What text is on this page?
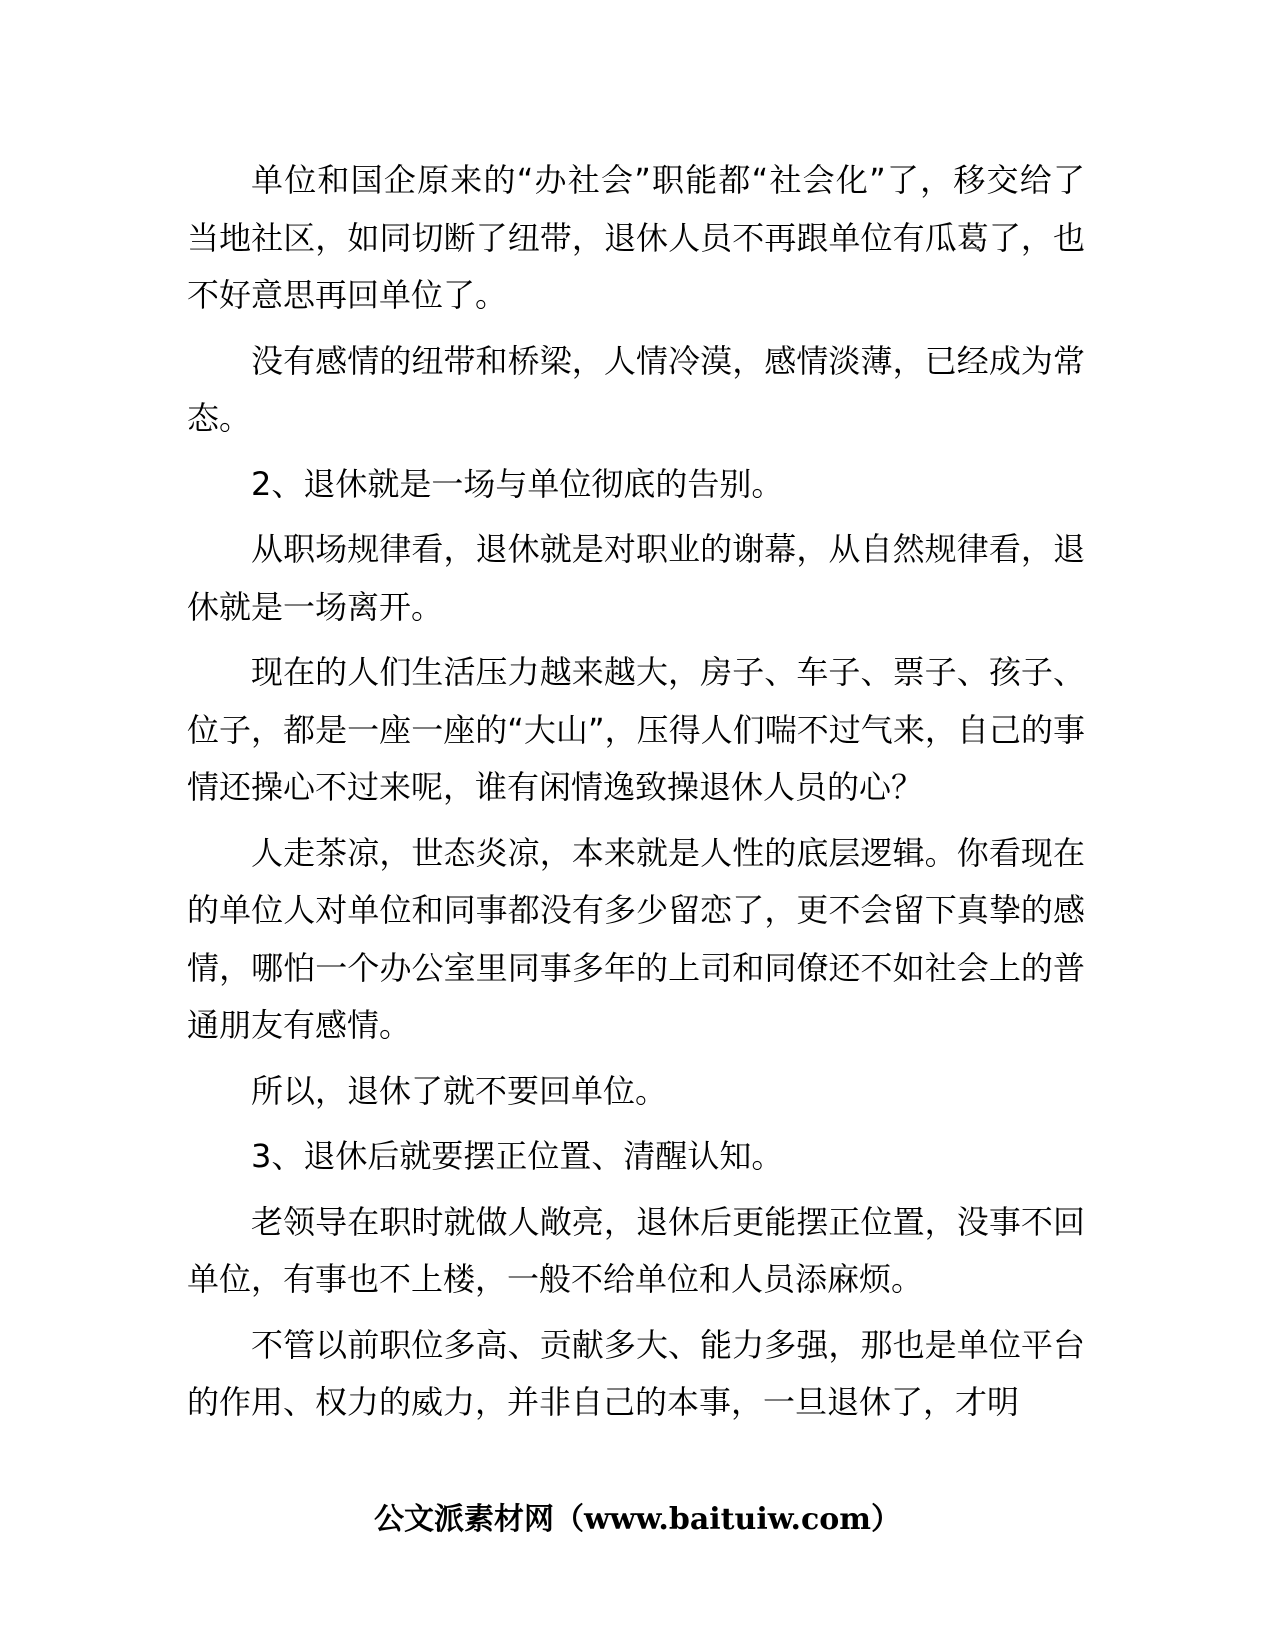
单位和国企原来的“办社会”职能都“社会化”了，移交给了当地社区，如同切断了纽带，退休人员不再跟单位有瓜葛了，也不好意思再回单位了。

没有感情的纽带和桥梁，人情冷漠，感情淡薄，已经成为常态。

2、退休就是一场与单位彻底的告别。

从职场规律看，退休就是对职业的谢幕，从自然规律看，退休就是一场离开。

现在的人们生活压力越来越大，房子、车子、票子、孩子、位子，都是一座一座的“大山”，压得人们喘不过气来，自己的事情还操心不过来呢，谁有闲情逸致操退休人员的心？

人走茶凉，世态炎凉，本来就是人性的底层逻辑。你看现在的单位人对单位和同事都没有多少留恋了，更不会留下真挚的感情，哪怕一个办公室里同事多年的上司和同僚还不如社会上的普通朋友有感情。

所以，退休了就不要回单位。

3、退休后就要摆正位置、清醒认知。

老领导在职时就做人敞亮，退休后更能摆正位置，没事不回单位，有事也不上楼，一般不给单位和人员添麻烦。

不管以前职位多高、贡献多大、能力多强，那也是单位平台的作用、权力的威力，并非自己的本事，一旦退休了，才明

公文派素材网（www.baituiw.com）
